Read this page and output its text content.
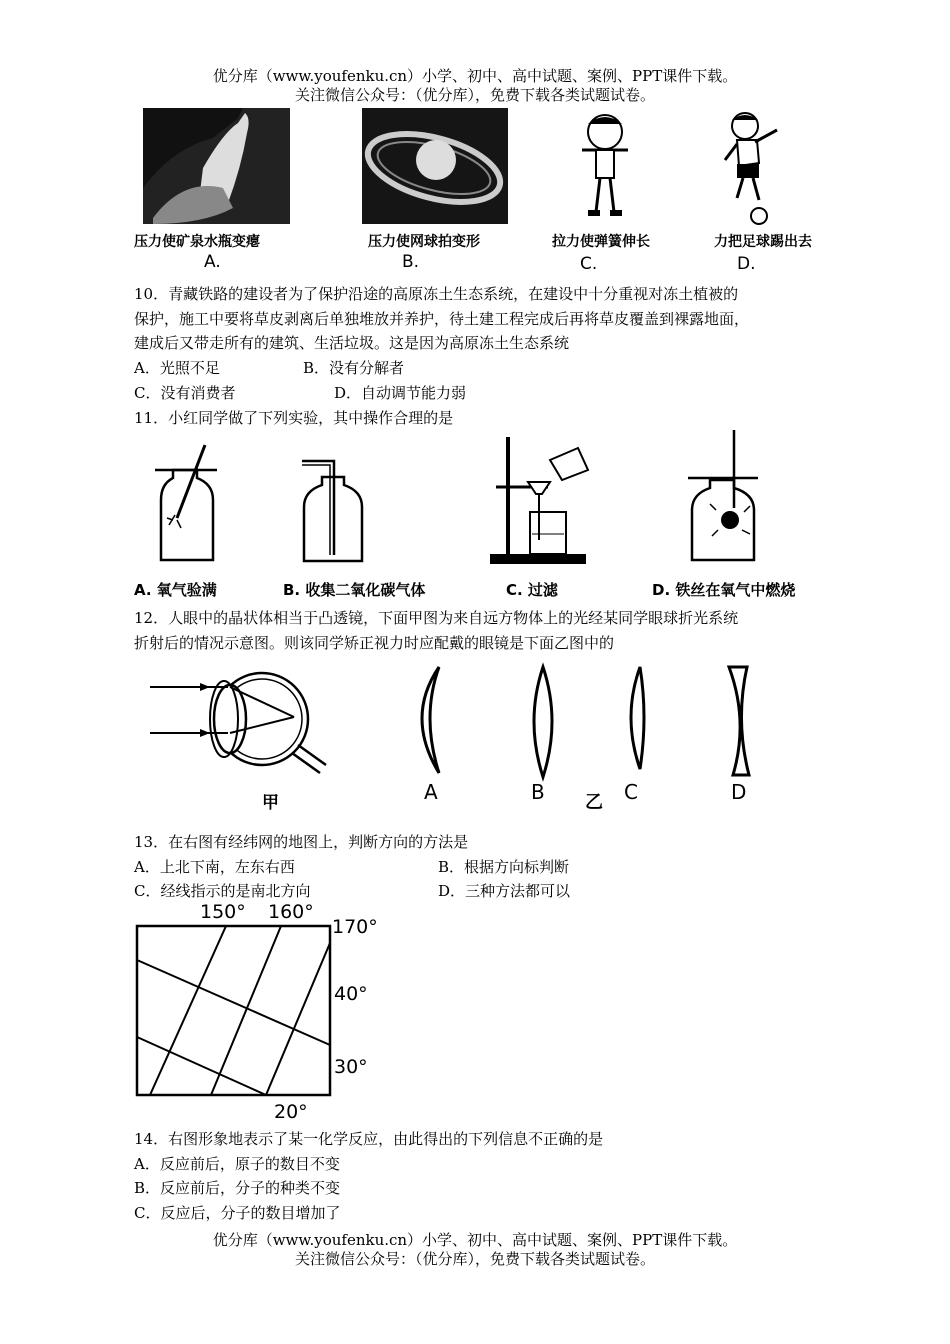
优分库（www.youfenku.cn）小学、初中、高中试题、案例、PPT课件下载。
关注微信公众号：（优分库），免费下载各类试题试卷。
压力使矿泉水瓶变瘪	压力使网球拍变形	拉力使弹簧伸长	力把足球踢出去
A.	B.	C.	D.
10．青藏铁路的建设者为了保护沿途的高原冻土生态系统，在建设中十分重视对冻土植被的
保护，施工中要将草皮剥离后单独堆放并养护，待土建工程完成后再将草皮覆盖到裸露地面，
建成后又带走所有的建筑、生活垃圾。这是因为高原冻土生态系统
A．光照不足	B．没有分解者
C．没有消费者	D．自动调节能力弱
11．小红同学做了下列实验，其中操作合理的是
A. 氧气验满	B. 收集二氧化碳气体	C. 过滤	D. 铁丝在氧气中燃烧
12．人眼中的晶状体相当于凸透镜，下面甲图为来自远方物体上的光经某同学眼球折光系统
折射后的情况示意图。则该同学矫正视力时应配戴的眼镜是下面乙图中的
甲	A	B 乙 C	D
13．在右图有经纬网的地图上，判断方向的方法是
A．上北下南，左东右西	B．根据方向标判断
C．经线指示的是南北方向	D．三种方法都可以
150° 160°
170°
40°
30°
20°
14．右图形象地表示了某一化学反应，由此得出的下列信息不正确的是
A．反应前后，原子的数目不变
B．反应前后，分子的种类不变
C．反应后，分子的数目增加了
优分库（www.youfenku.cn）小学、初中、高中试题、案例、PPT课件下载。
关注微信公众号：（优分库），免费下载各类试题试卷。
